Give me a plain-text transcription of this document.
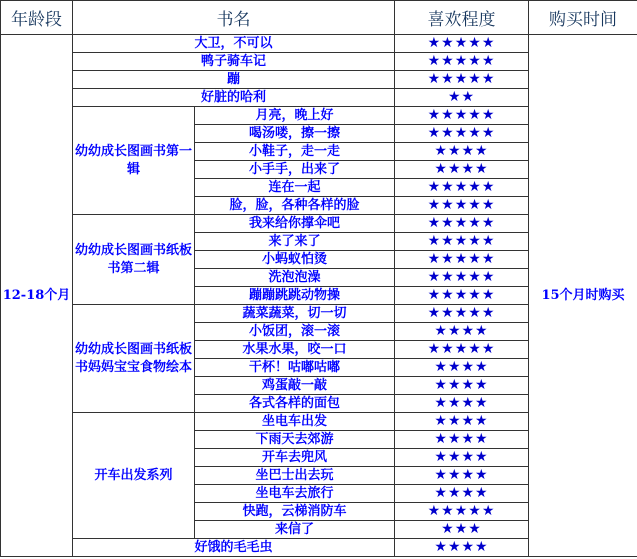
年龄段	书名		喜欢程度	购买时间
12-18个月	大卫，不可以		★★★★★	15个月时购买
	鸭子骑车记		★★★★★	
	蹦		★★★★★	
	好脏的哈利		★★	
	幼幼成长图画书第一辑	月亮，晚上好	★★★★★	
		喝汤喽，擦一擦	★★★★★	
		小鞋子，走一走	★★★★	
		小手手，出来了	★★★★	
		连在一起	★★★★★	
		脸，脸，各种各样的脸	★★★★★	
	幼幼成长图画书纸板书第二辑	我来给你撑伞吧	★★★★★	
		来了来了	★★★★★	
		小蚂蚁怕烫	★★★★★	
		洗泡泡澡	★★★★★	
		蹦蹦跳跳动物操	★★★★★	
	幼幼成长图画书纸板书妈妈宝宝食物绘本	蔬菜蔬菜，切一切	★★★★★	
		小饭团，滚一滚	★★★★	
		水果水果，咬一口	★★★★★	
		干杯！咕嘟咕嘟	★★★★	
		鸡蛋敲一敲	★★★★	
		各式各样的面包	★★★★	
	开车出发系列	坐电车出发	★★★★	
		下雨天去郊游	★★★★	
		开车去兜风	★★★★	
		坐巴士出去玩	★★★★	
		坐电车去旅行	★★★★	
		快跑，云梯消防车	★★★★★	
		来信了	★★★	
	好饿的毛毛虫		★★★★	
